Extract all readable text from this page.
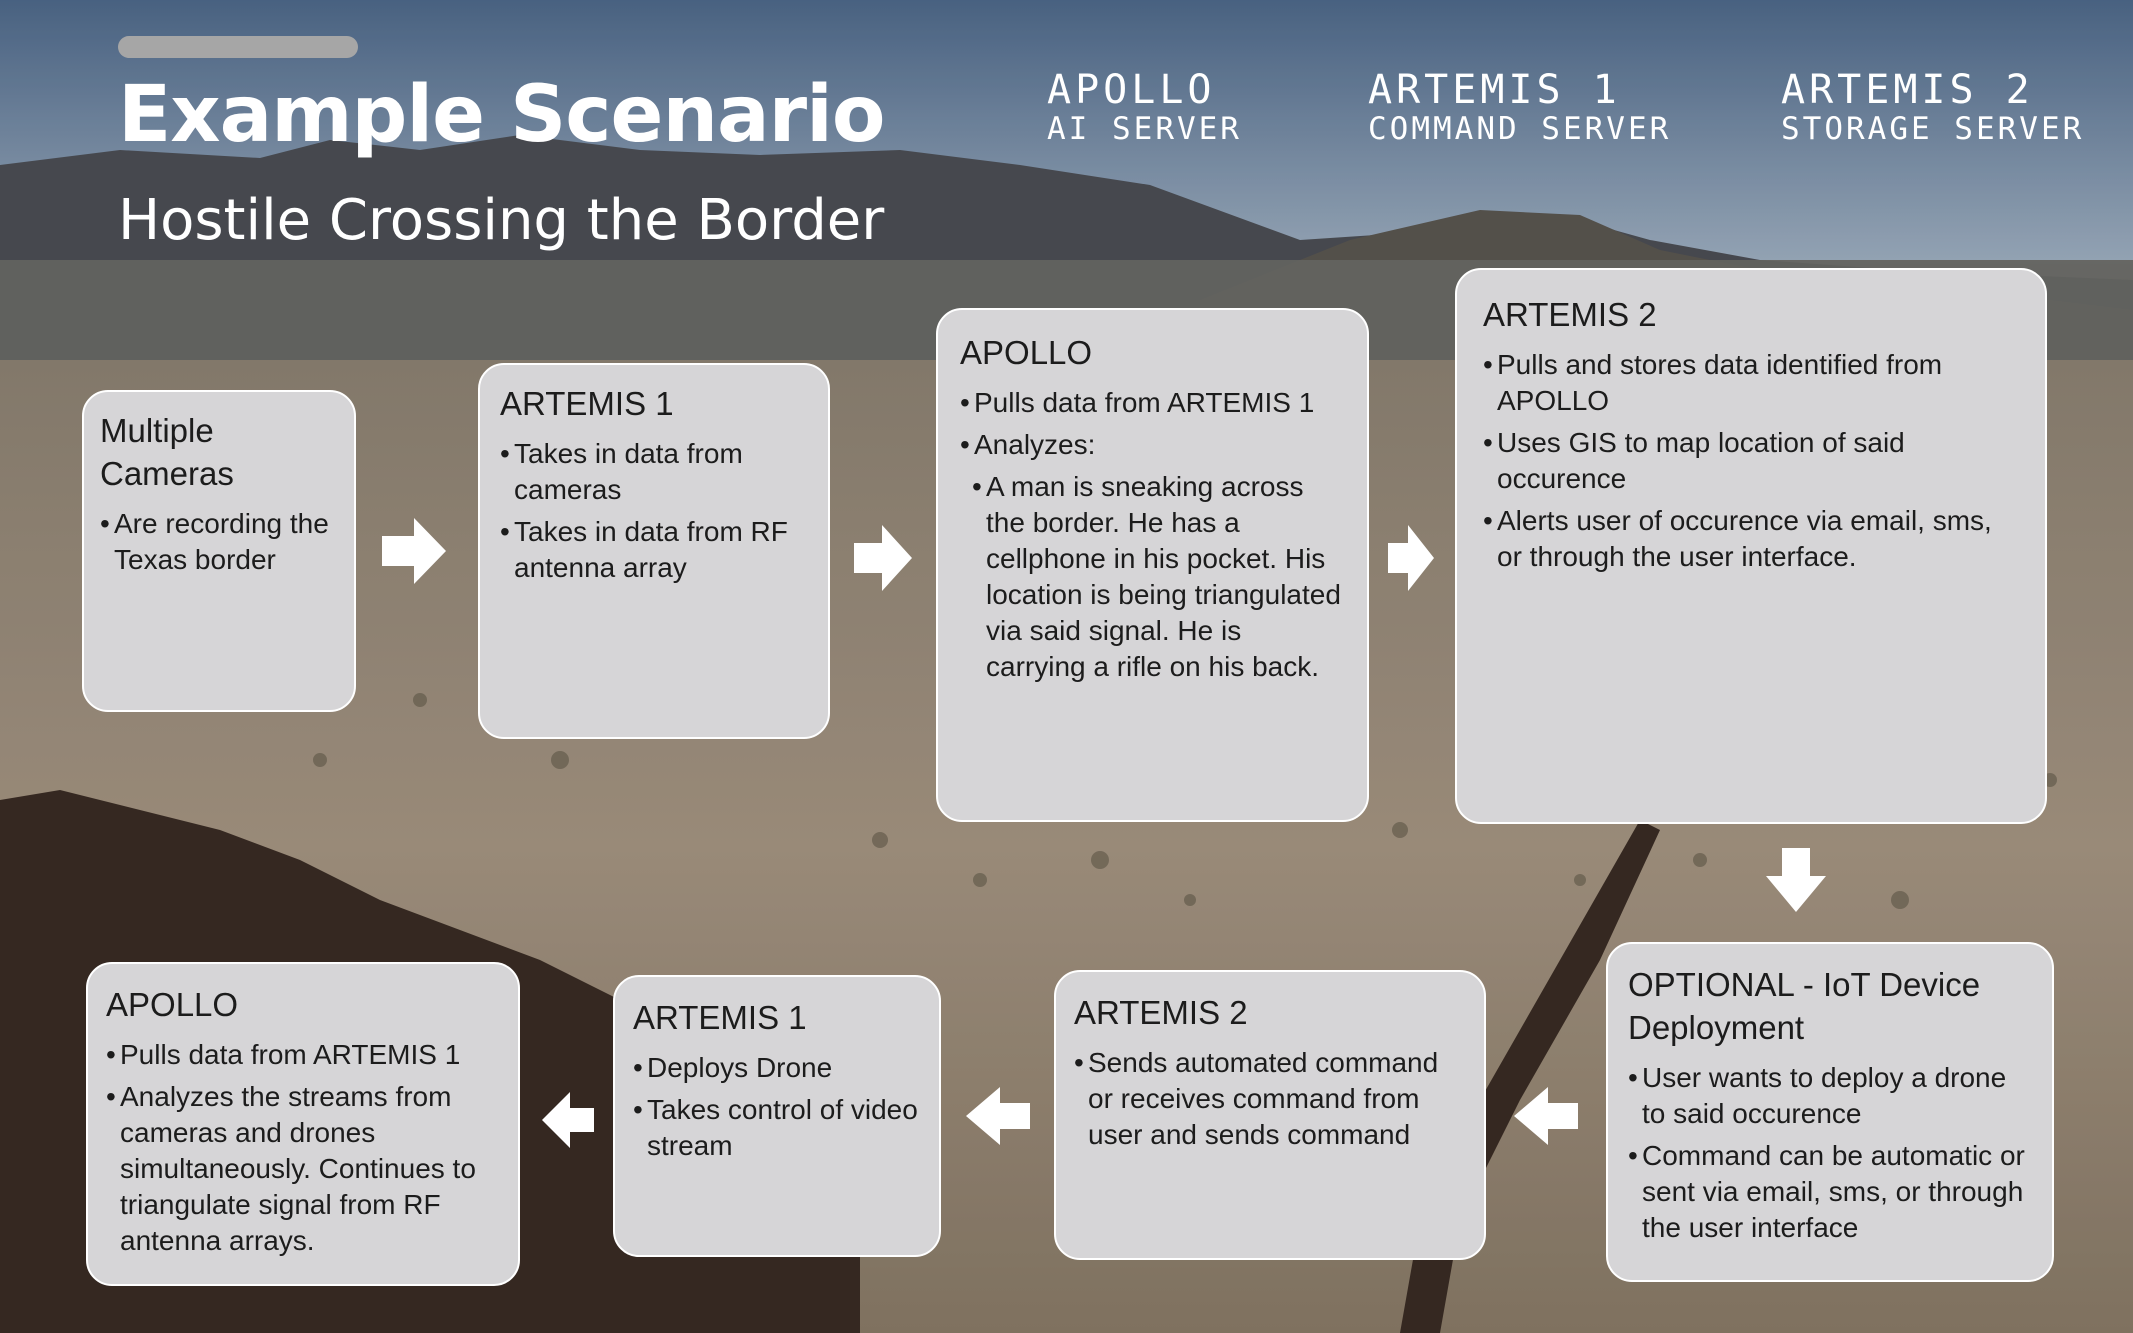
Example Scenario
Hostile Crossing the Border
APOLLO
AI SERVER
ARTEMIS 1
COMMAND SERVER
ARTEMIS 2
STORAGE SERVER
Multiple Cameras
• Are recording the Texas border
ARTEMIS 1
• Takes in data from cameras
• Takes in data from RF antenna array
APOLLO
• Pulls data from ARTEMIS 1
• Analyzes:
• A man is sneaking across the border. He has a cellphone in his pocket. His location is being triangulated via said signal. He is carrying a rifle on his back.
ARTEMIS 2
• Pulls and stores data identified from APOLLO
• Uses GIS to map location of said occurence
• Alerts user of occurence via email, sms, or through the user interface.
APOLLO
• Pulls data from ARTEMIS 1
• Analyzes the streams from cameras and drones simultaneously. Continues to triangulate signal from RF antenna arrays.
ARTEMIS 1
• Deploys Drone
• Takes control of video stream
ARTEMIS 2
• Sends automated command or receives command from user and sends command
OPTIONAL - IoT Device Deployment
• User wants to deploy a drone to said occurence
• Command can be automatic or sent via email, sms, or through the user interface
